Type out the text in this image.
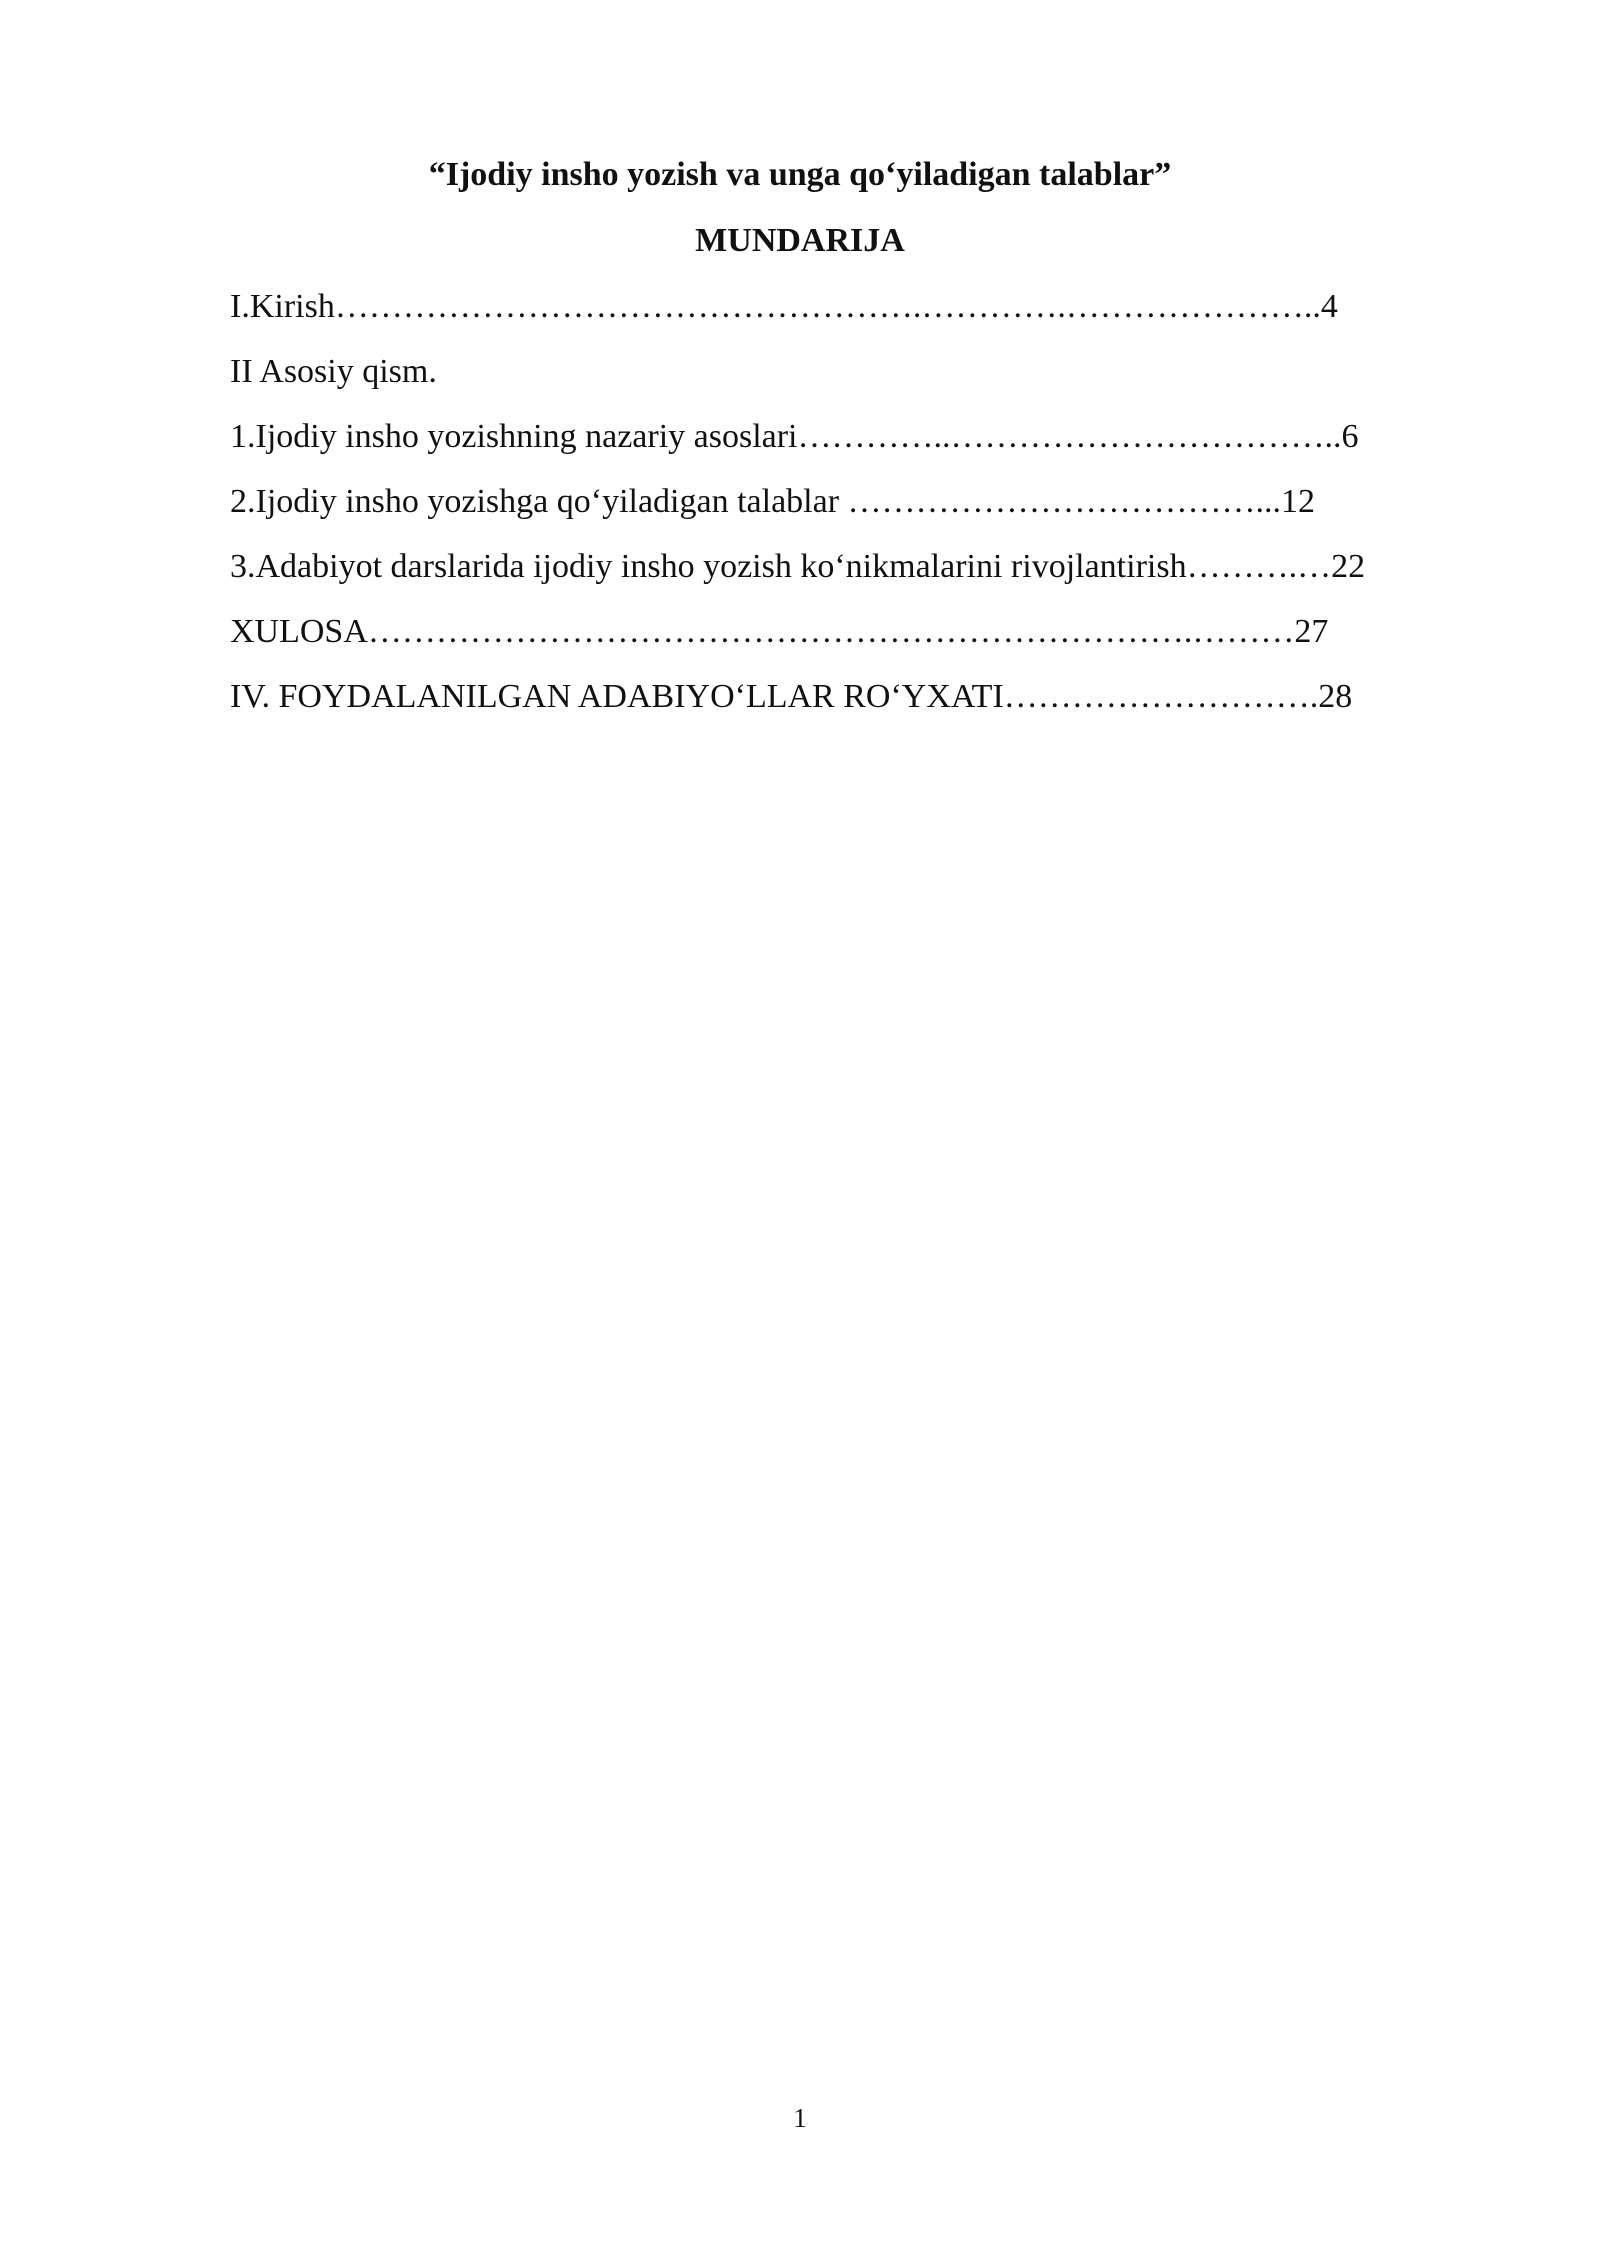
“Ijodiy insho yozish va unga qo‘yiladigan talablar”
MUNDARIJA
I.Kirish…………………………………………….………….…………………..4
II Asosiy qism.
1.Ijodiy insho yozishning nazariy asoslari…………..……………………………..6
2.Ijodiy insho yozishga qo‘yiladigan talablar ………………………………...12
3.Adabiyot darslarida ijodiy insho yozish ko‘nikmalarini rivojlantirish……….…22
XULOSA……………………………………………………………….………27
IV. FOYDALANILGAN ADABIYO‘LLAR RO‘YXATI……………………….28
1
